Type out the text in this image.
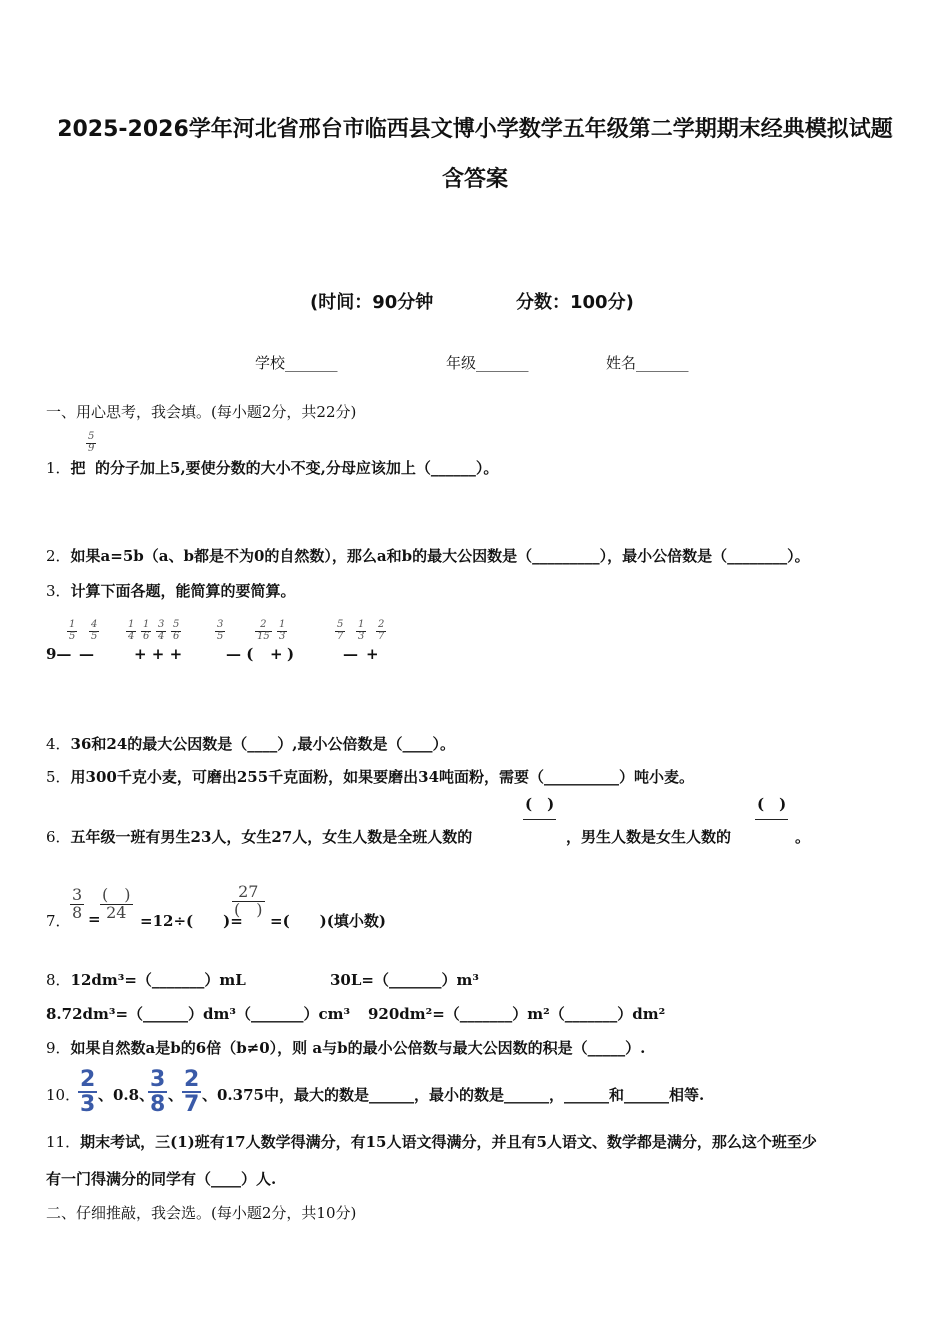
2025-2026学年河北省邢台市临西县文博小学数学五年级第二学期期末经典模拟试题
含答案
(时间：90分钟	分数：100分)
学校_______	年级_______	姓名_______
一、用心思考，我会填。(每小题2分，共22分)
1．把
$\frac{5}{9}$
的分子加上5,要使分数的大小不变,分母应该加上（______）。
2．如果a=5b（a、b都是不为0的自然数），那么a和b的最大公因数是（_________），最小公倍数是（________）。
3．计算下面各题，能简算的要简算。
9—
$\frac{1}{5}$
—
$\frac{4}{5}$	$\frac{1}{4} \frac{1}{6} \frac{3}{4} \frac{5}{6}$
+ + +
$\frac{3}{5}$
— (
$\frac{2}{15} \frac{1}{3}$
+ )
$\frac{5}{7}$
—
$\frac{1}{3}$
+
$\frac{2}{7}$
4．36和24的最大公因数是（____）,最小公倍数是（____）。
5．用300千克小麦，可磨出255千克面粉，如果要磨出34吨面粉，需要（__________）吨小麦。
6．五年级一班有男生23人，女生27人，女生人数是全班人数的
(　)

，男生人数是女生人数的
(　)

。
7． $\frac{3}{8}$ =
(　)
24 =12÷(　　)=
27
(　)
=(　　)(填小数)
8．12dm³=（_______）mL	30L=（_______）m³
8.72dm³=（______）dm³（_______）cm³ 920dm²=（_______）m²（_______）dm²
9．如果自然数a是b的6倍（b≠0），则 a与b的最小公倍数与最大公因数的积是（_____）.
10．
$\frac{2}{3}$ 、0.8、
$\frac{3}{8}$ 、
$\frac{2}{7}$ 、0.375中，最大的数是______，最小的数是______，______和______相等.
11．期末考试，三(1)班有17人数学得满分，有15人语文得满分，并且有5人语文、数学都是满分，那么这个班至少
有一门得满分的同学有（____）人.
二、仔细推敲，我会选。(每小题2分，共10分)
